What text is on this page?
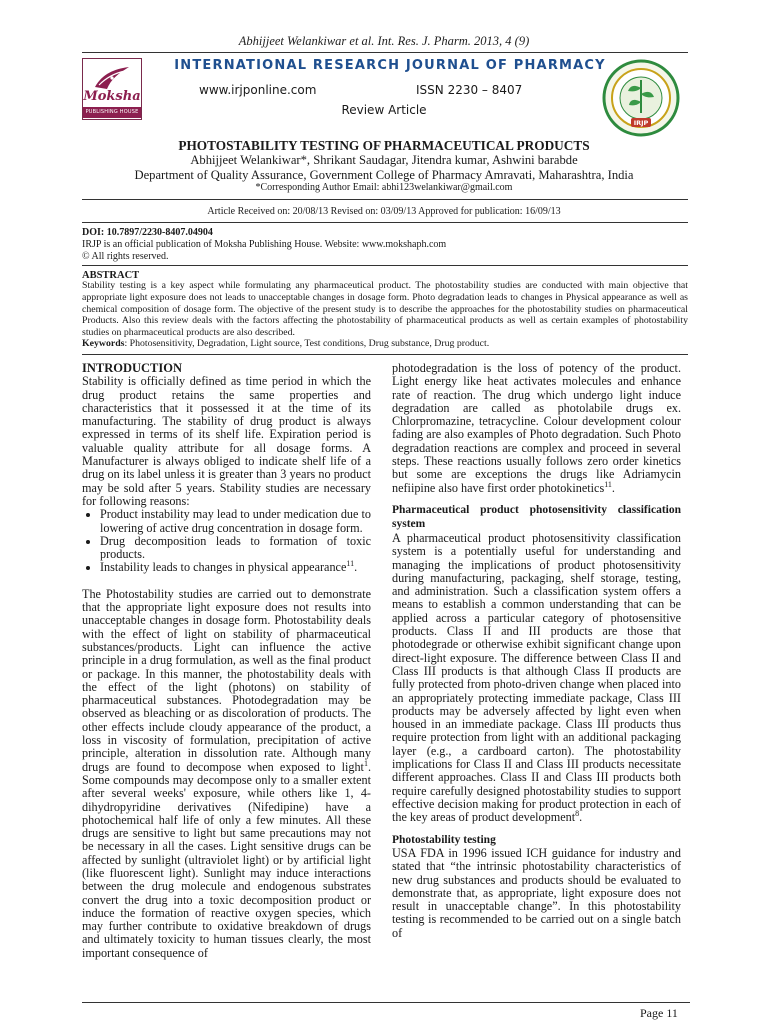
Abhijjeet Welankiwar et al. Int. Res. J. Pharm. 2013, 4 (9)
Moksha
PUBLISHING HOUSE
INTERNATIONAL RESEARCH JOURNAL OF PHARMACY
www.irjponline.com	ISSN 2230 – 8407
Review Article
IRJP
PHOTOSTABILITY TESTING OF PHARMACEUTICAL PRODUCTS
Abhijjeet Welankiwar*, Shrikant Saudagar, Jitendra kumar, Ashwini barabde
Department of Quality Assurance, Government College of Pharmacy Amravati, Maharashtra, India
*Corresponding Author Email: abhi123welankiwar@gmail.com
Article Received on: 20/08/13 Revised on: 03/09/13 Approved for publication: 16/09/13
DOI: 10.7897/2230-8407.04904
IRJP is an official publication of Moksha Publishing House. Website: www.mokshaph.com
© All rights reserved.
ABSTRACT

Stability testing is a key aspect while formulating any pharmaceutical product. The photostability studies are conducted with main objective that appropriate light exposure does not leads to unacceptable changes in dosage form. Photo degradation leads to changes in Physical appearance as well as chemical composition of dosage form. The objective of the present study is to describe the approaches for the photostability studies on pharmaceutical Products. Also this review deals with the factors affecting the photostability of pharmaceutical products as well as certain examples of photostability studies on pharmaceutical products are also described.

Keywords: Photosensitivity, Degradation, Light source, Test conditions, Drug substance, Drug product.
INTRODUCTION

Stability is officially defined as time period in which the drug product retains the same properties and characteristics that it possessed it at the time of its manufacturing. The stability of drug product is always expressed in terms of its shelf life. Expiration period is valuable quality attribute for all dosage forms. A Manufacturer is always obliged to indicate shelf life of a drug on its label unless it is greater than 3 years no product may be sold after 5 years. Stability studies are necessary for following reasons:

• Product instability may lead to under medication due to lowering of active drug concentration in dosage form.
• Drug decomposition leads to formation of toxic products.
• Instability leads to changes in physical appearance$^{11}$.

The Photostability studies are carried out to demonstrate that the appropriate light exposure does not results into unacceptable changes in dosage form. Photostability deals with the effect of light on stability of pharmaceutical substances/products. Light can influence the active principle in a drug formulation, as well as the final product or package. In this manner, the photostability deals with the effect of the light (photons) on stability of pharmaceutical substances. Photodegradation may be observed as bleaching or as discoloration of products. The other effects include cloudy appearance of the product, a loss in viscosity of formulation, precipitation of active principle, alteration in dissolution rate. Although many drugs are found to decompose when exposed to light$^1$. Some compounds may decompose only to a smaller extent after several weeks' exposure, while others like 1, 4-dihydropyridine derivatives (Nifedipine) have a photochemical half life of only a few minutes. All these drugs are sensitive to light but same precautions may not be necessary in all the cases. Light sensitive drugs can be affected by sunlight (ultraviolet light) or by artificial light (like fluorescent light). Sunlight may induce interactions between the drug molecule and endogenous substrates convert the drug into a toxic decomposition product or induce the formation of reactive oxygen species, which may further contribute to oxidative breakdown of drugs and ultimately toxicity to human tissues clearly, the most important consequence of

photodegradation is the loss of potency of the product. Light energy like heat activates molecules and enhance rate of reaction. The drug which undergo light induce degradation are called as photolabile drugs ex. Chlorpromazine, tetracycline. Colour development colour fading are also examples of Photo degradation. Such Photo degradation reactions are complex and proceed in several steps. These reactions usually follows zero order kinetics but some are exceptions the drugs like Adriamycin nefiipine also have first order photokinetics$^{11}$.

Pharmaceutical product photosensitivity classification system

A pharmaceutical product photosensitivity classification system is a potentially useful for understanding and managing the implications of product photosensitivity during manufacturing, packaging, shelf storage, testing, and administration. Such a classification system offers a means to establish a common understanding that can be applied across a particular category of photosensitive products. Class II and III products are those that photodegrade or otherwise exhibit significant change upon direct-light exposure. The difference between Class II and Class III products is that although Class II products are fully protected from photo-driven change when placed into an appropriately protecting immediate package, Class III products may be adversely affected by light even when housed in an immediate package. Class III products thus require protection from light with an additional packaging layer (e.g., a cardboard carton). The photostability implications for Class II and Class III products necessitate different approaches. Class II and Class III products both require carefully designed photostability studies to support effective decision making for product protection in each of the key areas of product development$^8$.

Photostability testing

USA FDA in 1996 issued ICH guidance for industry and stated that “the intrinsic photostability characteristics of new drug substances and products should be evaluated to demonstrate that, as appropriate, light exposure does not result in unacceptable change”. In this photostability testing is recommended to be carried out on a single batch of

Page 11
